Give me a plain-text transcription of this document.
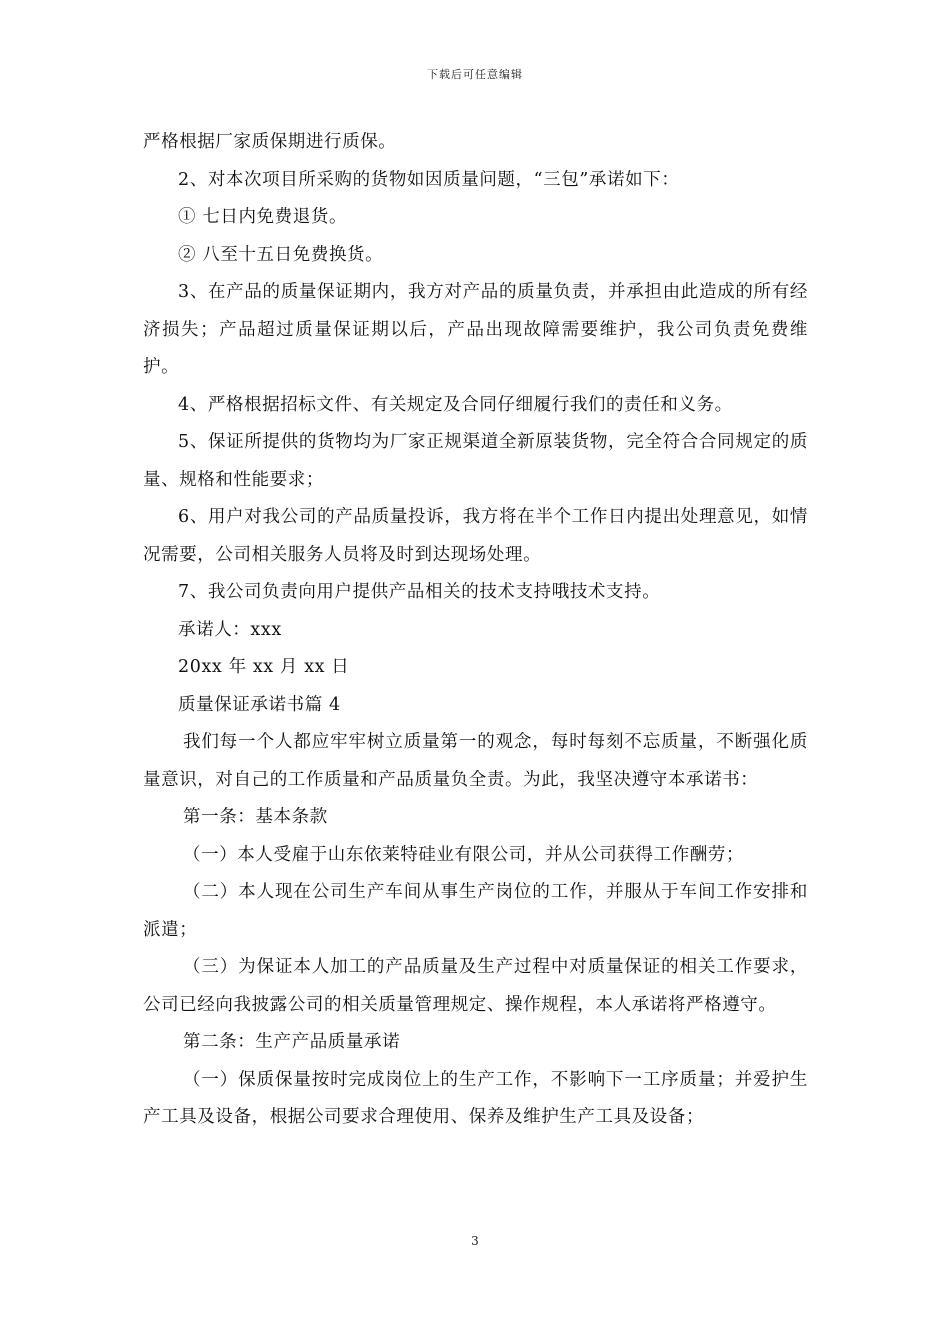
下载后可任意编辑

严格根据厂家质保期进行质保。

2、对本次项目所采购的货物如因质量问题，“三包”承诺如下：

① 七日内免费退货。

② 八至十五日免费换货。

3、在产品的质量保证期内，我方对产品的质量负责，并承担由此造成的所有经济损失；产品超过质量保证期以后，产品出现故障需要维护，我公司负责免费维护。

4、严格根据招标文件、有关规定及合同仔细履行我们的责任和义务。

5、保证所提供的货物均为厂家正规渠道全新原装货物，完全符合合同规定的质量、规格和性能要求；

6、用户对我公司的产品质量投诉，我方将在半个工作日内提出处理意见，如情况需要，公司相关服务人员将及时到达现场处理。

7、我公司负责向用户提供产品相关的技术支持哦技术支持。

承诺人：xxx

20xx 年 xx 月 xx 日

质量保证承诺书篇 4

我们每一个人都应牢牢树立质量第一的观念，每时每刻不忘质量，不断强化质量意识，对自己的工作质量和产品质量负全责。为此，我坚决遵守本承诺书：

第一条：基本条款

（一）本人受雇于山东依莱特硅业有限公司，并从公司获得工作酬劳；

（二）本人现在公司生产车间从事生产岗位的工作，并服从于车间工作安排和派遣；

（三）为保证本人加工的产品质量及生产过程中对质量保证的相关工作要求，公司已经向我披露公司的相关质量管理规定、操作规程，本人承诺将严格遵守。

第二条：生产产品质量承诺

（一）保质保量按时完成岗位上的生产工作，不影响下一工序质量；并爱护生产工具及设备，根据公司要求合理使用、保养及维护生产工具及设备；

3
